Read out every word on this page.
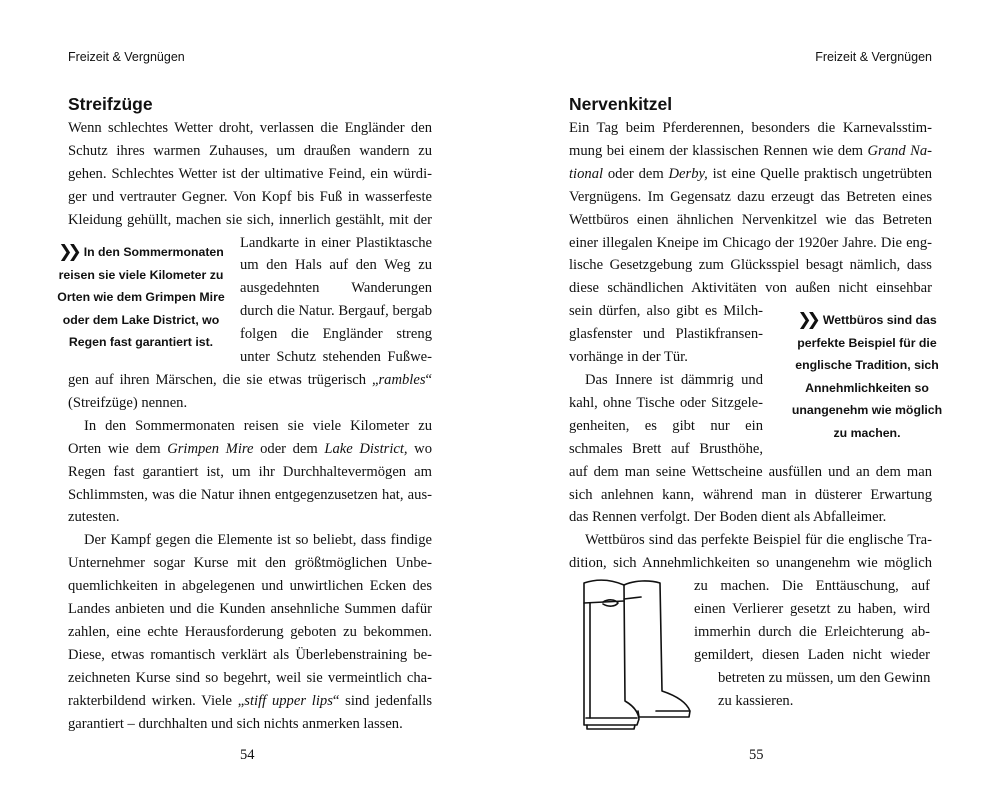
Freizeit & Vergnügen
Streifzüge
Wenn schlechtes Wetter droht, verlassen die Engländer den
Schutz ihres warmen Zuhauses, um draußen wandern zu
gehen. Schlechtes Wetter ist der ultimative Feind, ein würdi-
ger und vertrauter Gegner. Von Kopf bis Fuß in wasserfeste
Kleidung gehüllt, machen sie sich, innerlich gestählt, mit der
Landkarte in einer Plastiktasche
um den Hals auf den Weg zu
ausgedehnten Wanderungen
durch die Natur. Bergauf, bergab
folgen die Engländer streng
unter Schutz stehenden Fußwe-
gen auf ihren Märschen, die sie etwas trügerisch „rambles“
(Streifzüge) nennen.
In den Sommermonaten reisen sie viele Kilometer zu
Orten wie dem Grimpen Mire oder dem Lake District, wo
Regen fast garantiert ist, um ihr Durchhaltevermögen am
Schlimmsten, was die Natur ihnen entgegenzusetzen hat, aus-
zutesten.
Der Kampf gegen die Elemente ist so beliebt, dass findige
Unternehmer sogar Kurse mit den größtmöglichen Unbe-
quemlichkeiten in abgelegenen und unwirtlichen Ecken des
Landes anbieten und die Kunden ansehnliche Summen dafür
zahlen, eine echte Herausforderung geboten zu bekommen.
Diese, etwas romantisch verklärt als Überlebenstraining be-
zeichneten Kurse sind so begehrt, weil sie vermeintlich cha-
rakterbildend wirken. Viele „stiff upper lips“ sind jedenfalls
garantiert – durchhalten und sich nichts anmerken lassen.
❯❯ In den Sommermonaten
reisen sie viele Kilometer zu
Orten wie dem Grimpen Mire
oder dem Lake District, wo
Regen fast garantiert ist.
54
Freizeit & Vergnügen
Nervenkitzel
Ein Tag beim Pferderennen, besonders die Karnevalsstim-
mung bei einem der klassischen Rennen wie dem Grand Na-
tional oder dem Derby, ist eine Quelle praktisch ungetrübten
Vergnügens. Im Gegensatz dazu erzeugt das Betreten eines
Wettbüros einen ähnlichen Nervenkitzel wie das Betreten
einer illegalen Kneipe im Chicago der 1920er Jahre. Die eng-
lische Gesetzgebung zum Glücksspiel besagt nämlich, dass
diese schändlichen Aktivitäten von außen nicht einsehbar
sein dürfen, also gibt es Milch-
glasfenster und Plastikfransen-
vorhänge in der Tür.
Das Innere ist dämmrig und
kahl, ohne Tische oder Sitzgele-
genheiten, es gibt nur ein
schmales Brett auf Brusthöhe,
auf dem man seine Wettscheine ausfüllen und an dem man
sich anlehnen kann, während man in düsterer Erwartung
das Rennen verfolgt. Der Boden dient als Abfalleimer.
Wettbüros sind das perfekte Beispiel für die englische Tra-
dition, sich Annehmlichkeiten so unangenehm wie möglich
zu machen. Die Enttäuschung, auf
einen Verlierer gesetzt zu haben, wird
immerhin durch die Erleichterung ab-
gemildert, diesen Laden nicht wieder
betreten zu müssen, um den Gewinn
zu kassieren.
❯❯ Wettbüros sind das
perfekte Beispiel für die
englische Tradition, sich
Annehmlichkeiten so
unangenehm wie möglich
zu machen.
55
